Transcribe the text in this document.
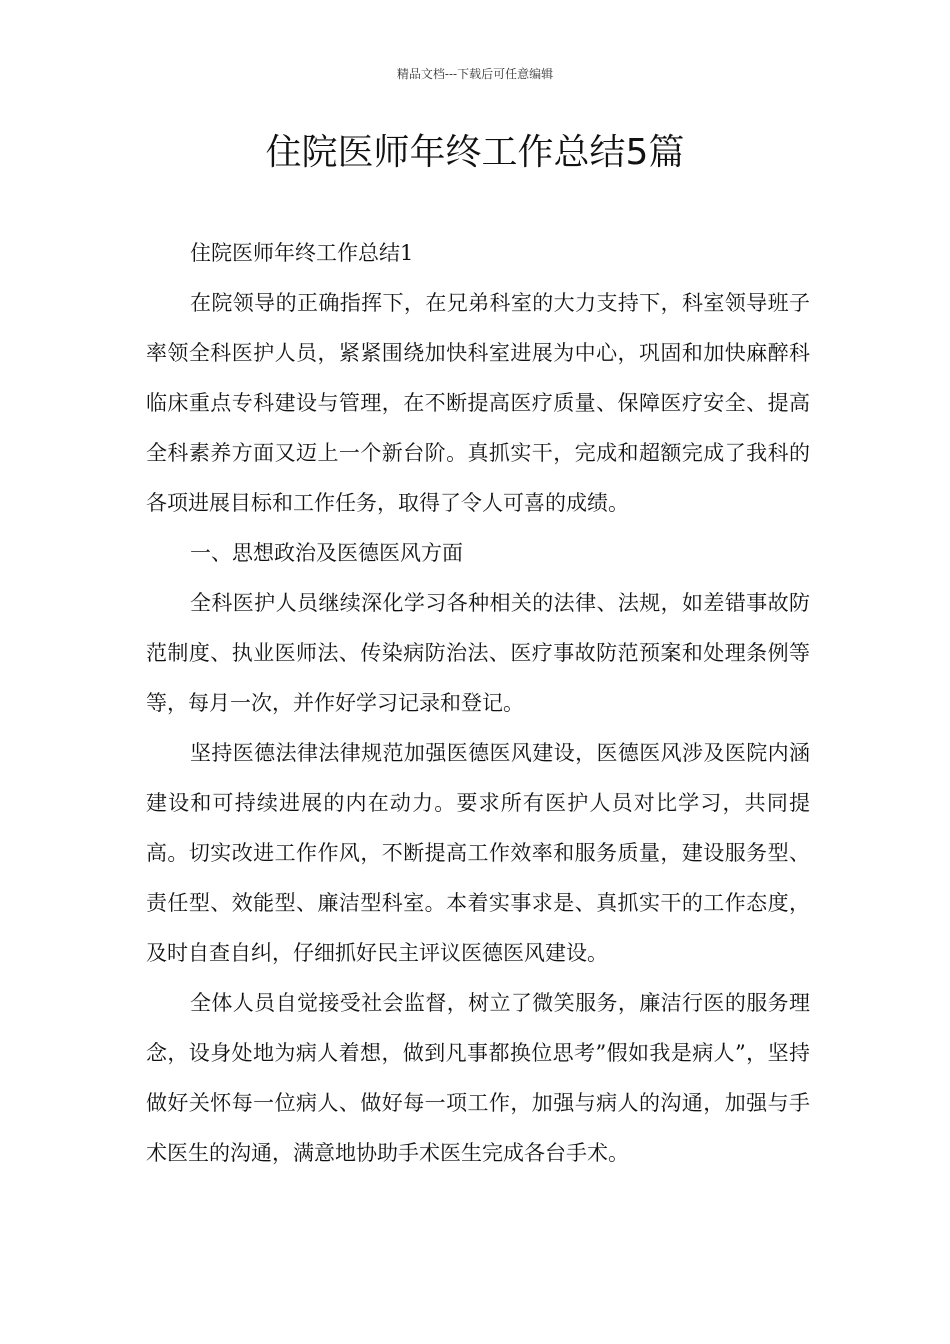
精品文档---下载后可任意编辑
住院医师年终工作总结5篇

住院医师年终工作总结1

在院领导的正确指挥下，在兄弟科室的大力支持下，科室领导班子率领全科医护人员，紧紧围绕加快科室进展为中心，巩固和加快麻醉科临床重点专科建设与管理，在不断提高医疗质量、保障医疗安全、提高全科素养方面又迈上一个新台阶。真抓实干，完成和超额完成了我科的各项进展目标和工作任务，取得了令人可喜的成绩。

一、思想政治及医德医风方面

全科医护人员继续深化学习各种相关的法律、法规，如差错事故防范制度、执业医师法、传染病防治法、医疗事故防范预案和处理条例等等，每月一次，并作好学习记录和登记。

坚持医德法律法律规范加强医德医风建设，医德医风涉及医院内涵建设和可持续进展的内在动力。要求所有医护人员对比学习，共同提高。切实改进工作作风，不断提高工作效率和服务质量，建设服务型、责任型、效能型、廉洁型科室。本着实事求是、真抓实干的工作态度，及时自查自纠，仔细抓好民主评议医德医风建设。

全体人员自觉接受社会监督，树立了微笑服务，廉洁行医的服务理念，设身处地为病人着想，做到凡事都换位思考”假如我是病人”，坚持做好关怀每一位病人、做好每一项工作，加强与病人的沟通，加强与手术医生的沟通，满意地协助手术医生完成各台手术。
